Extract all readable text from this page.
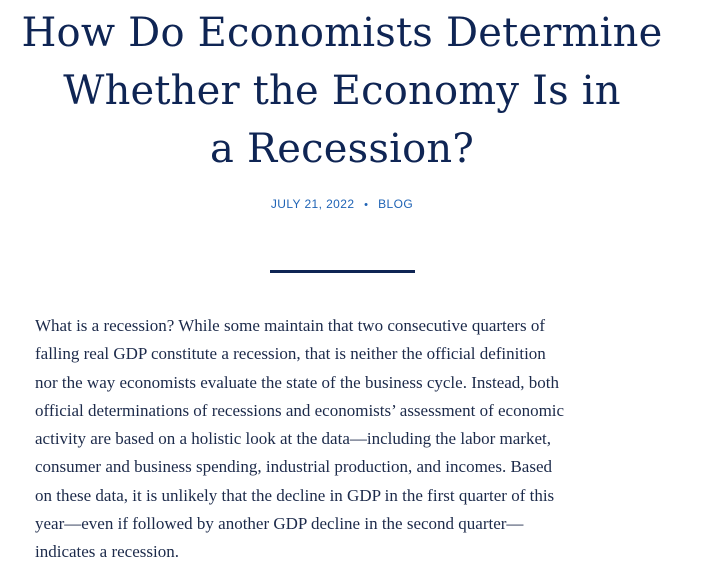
How Do Economists Determine
Whether the Economy Is in
a Recession?
JULY 21, 2022 • BLOG

What is a recession? While some maintain that two consecutive quarters of
falling real GDP constitute a recession, that is neither the official definition
nor the way economists evaluate the state of the business cycle. Instead, both
official determinations of recessions and economists’ assessment of economic
activity are based on a holistic look at the data—including the labor market,
consumer and business spending, industrial production, and incomes. Based
on these data, it is unlikely that the decline in GDP in the first quarter of this
year—even if followed by another GDP decline in the second quarter—
indicates a recession.
